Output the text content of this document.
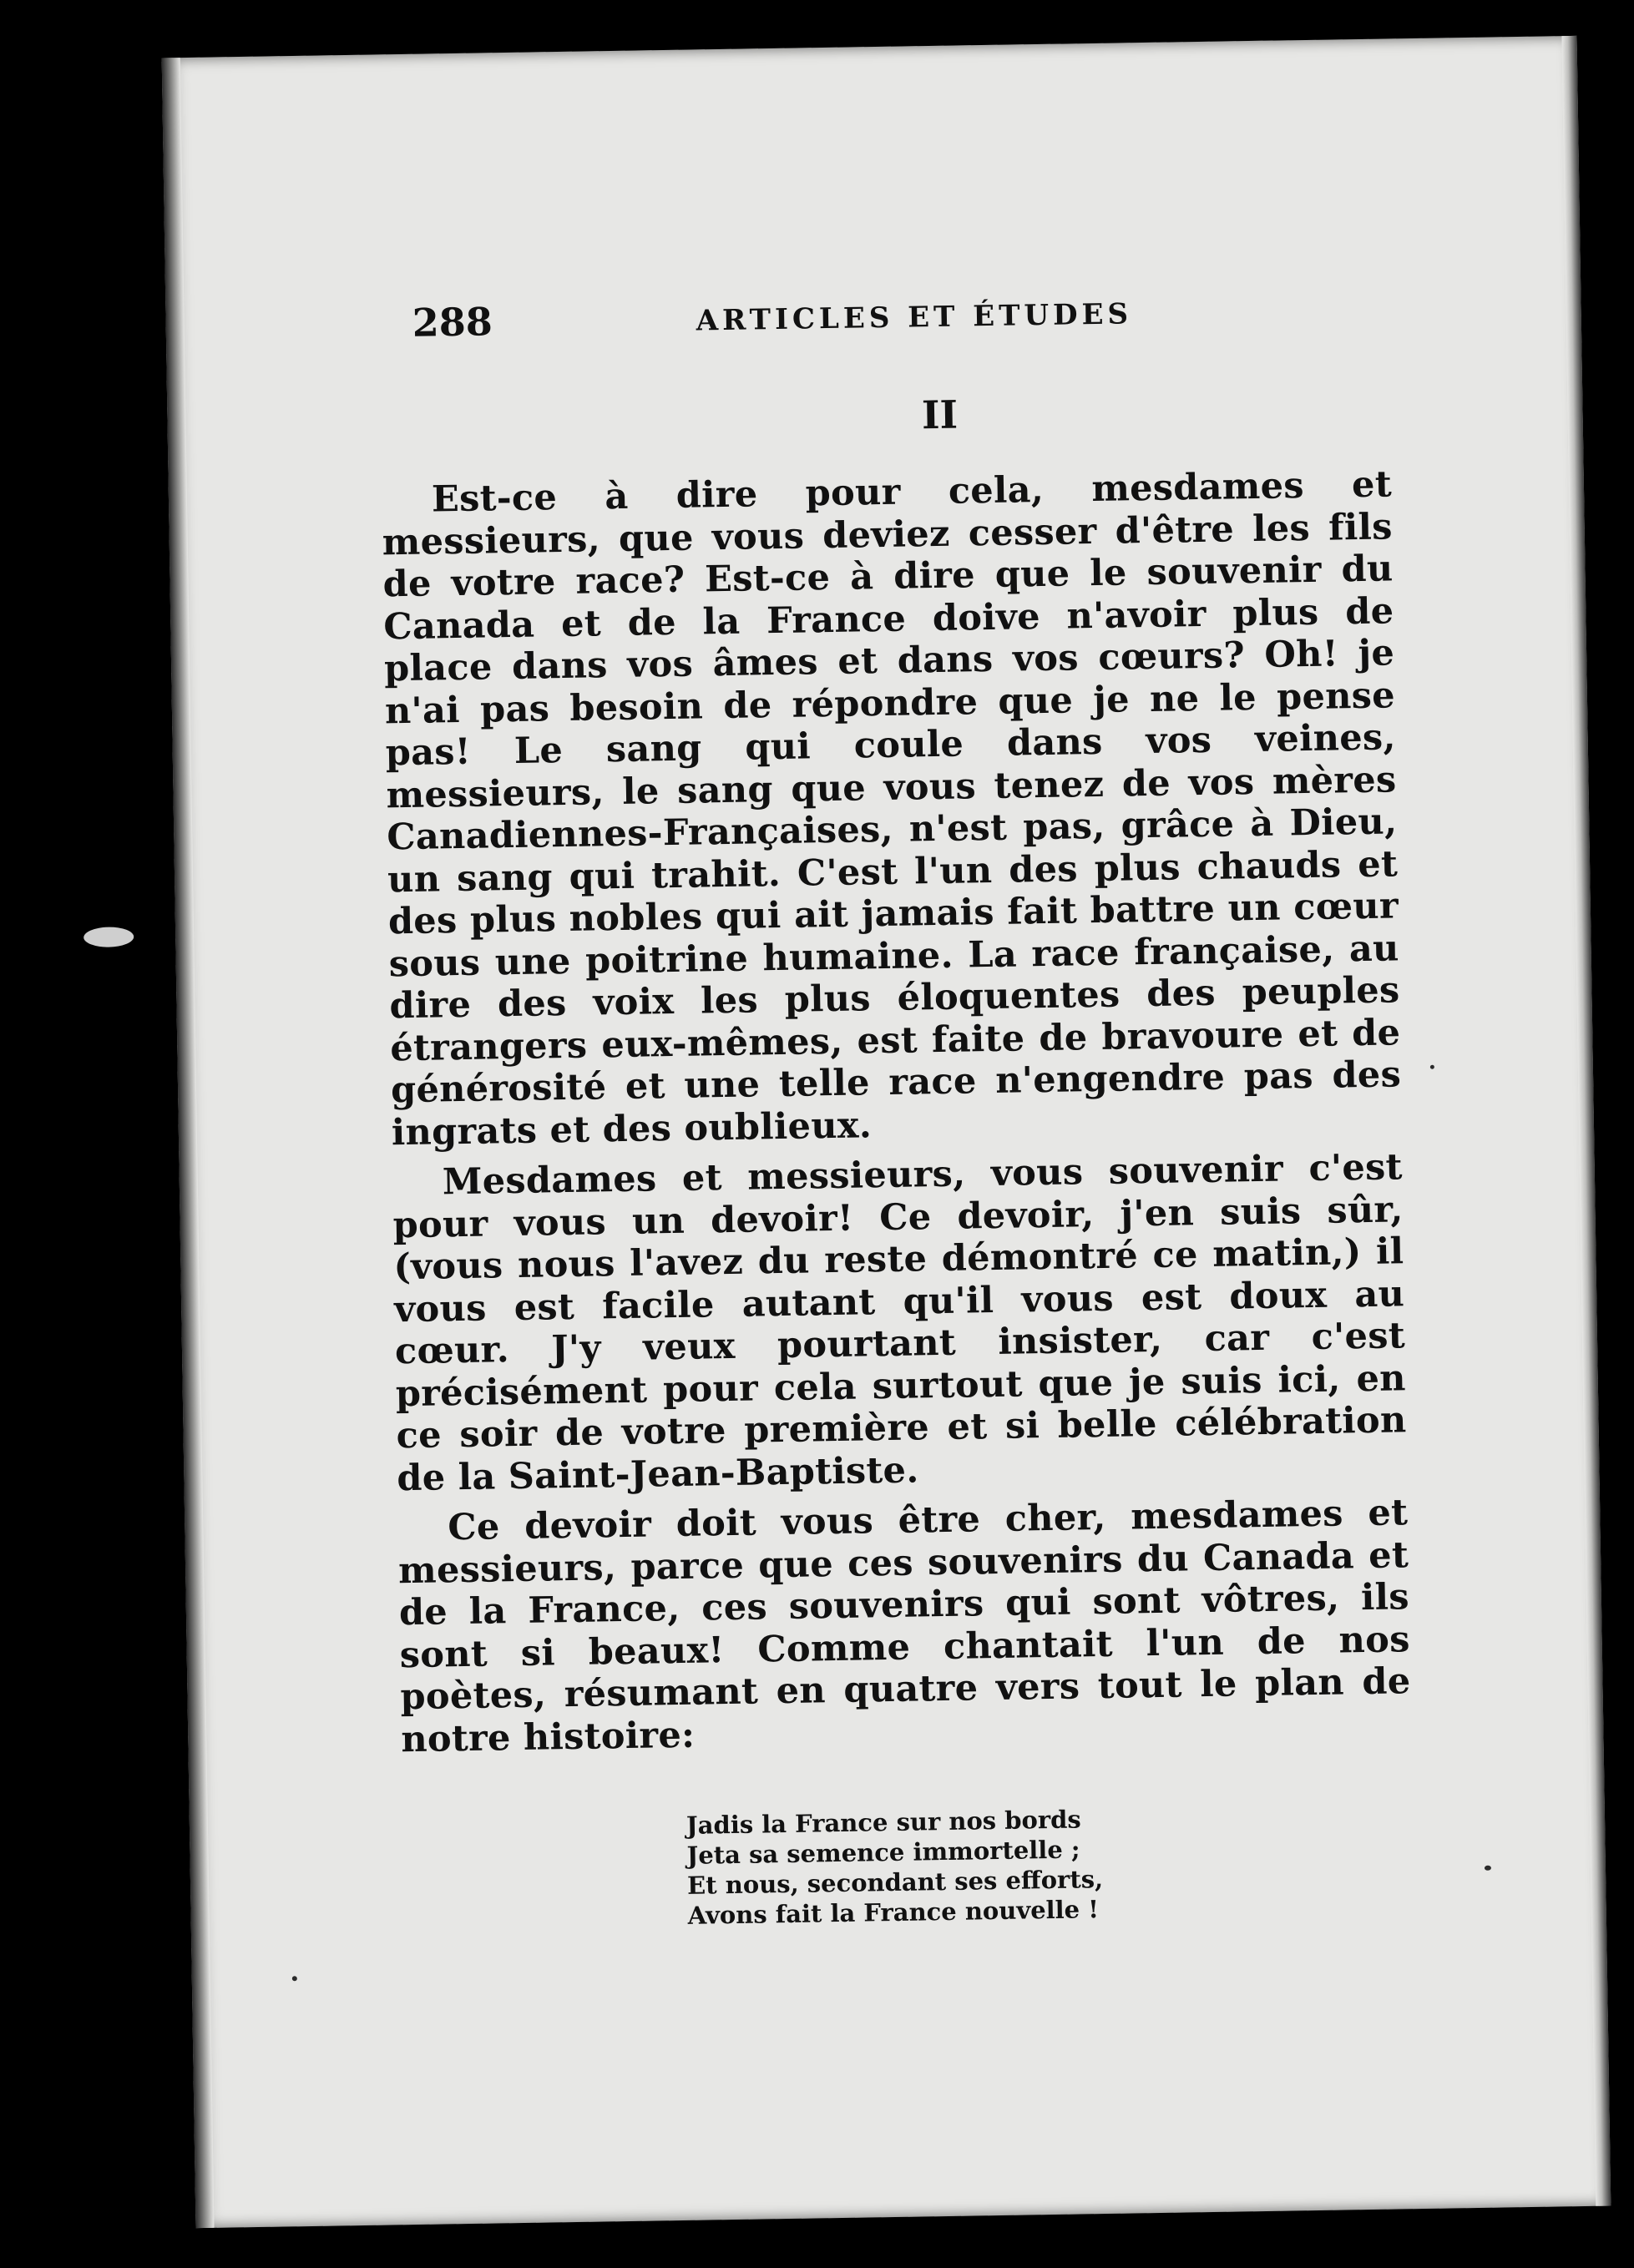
288	ARTICLES ET ÉTUDES
II

Est-ce à dire pour cela, mesdames et messieurs, que vous deviez cesser d'être les fils de votre race? Est-ce à dire que le souvenir du Canada et de la France doive n'avoir plus de place dans vos âmes et dans vos cœurs? Oh! je n'ai pas besoin de répondre que je ne le pense pas! Le sang qui coule dans vos veines, messieurs, le sang que vous tenez de vos mères Canadiennes-Françaises, n'est pas, grâce à Dieu, un sang qui trahit. C'est l'un des plus chauds et des plus nobles qui ait jamais fait battre un cœur sous une poitrine humaine. La race française, au dire des voix les plus éloquentes des peuples étrangers eux-mêmes, est faite de bravoure et de générosité et une telle race n'engendre pas des ingrats et des oublieux.

Mesdames et messieurs, vous souvenir c'est pour vous un devoir! Ce devoir, j'en suis sûr, (vous nous l'avez du reste démontré ce matin,) il vous est facile autant qu'il vous est doux au cœur. J'y veux pourtant insister, car c'est précisément pour cela surtout que je suis ici, en ce soir de votre première et si belle célébration de la Saint-Jean-Baptiste.

Ce devoir doit vous être cher, mesdames et messieurs, parce que ces souvenirs du Canada et de la France, ces souvenirs qui sont vôtres, ils sont si beaux! Comme chantait l'un de nos poètes, résumant en quatre vers tout le plan de notre histoire:

Jadis la France sur nos bords
Jeta sa semence immortelle ;
Et nous, secondant ses efforts,
Avons fait la France nouvelle !
